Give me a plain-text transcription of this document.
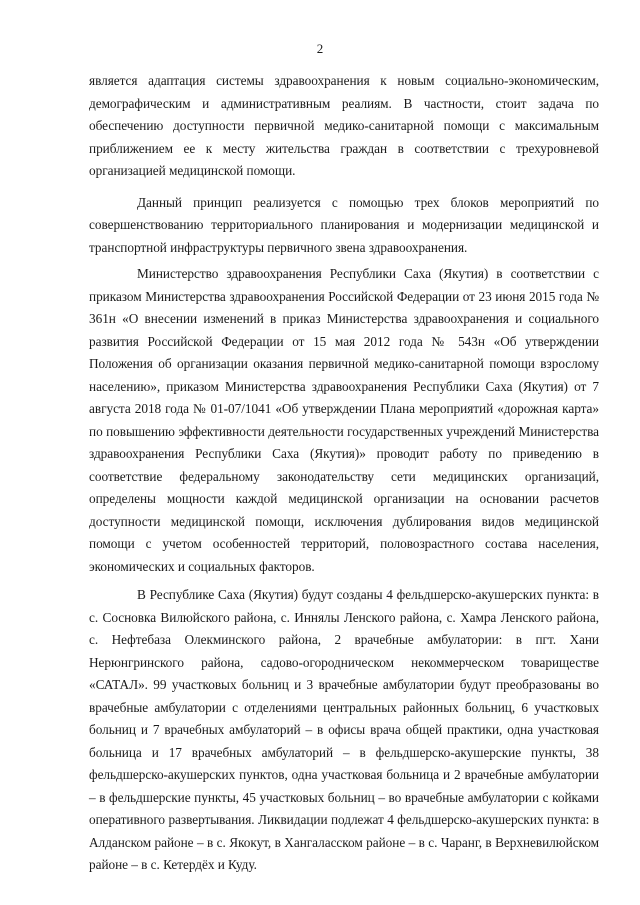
2

является адаптация системы здравоохранения к новым социально-экономическим, демографическим и административным реалиям. В частности, стоит задача по обеспечению доступности первичной медико-санитарной помощи с максимальным приближением ее к месту жительства граждан в соответствии с трехуровневой организацией медицинской помощи.

Данный принцип реализуется с помощью трех блоков мероприятий по совершенствованию территориального планирования и модернизации медицинской и транспортной инфраструктуры первичного звена здравоохранения.

Министерство здравоохранения Республики Саха (Якутия) в соответствии с приказом Министерства здравоохранения Российской Федерации от 23 июня 2015 года № 361н «О внесении изменений в приказ Министерства здравоохранения и социального развития Российской Федерации от 15 мая 2012 года № 543н «Об утверждении Положения об организации оказания первичной медико-санитарной помощи взрослому населению», приказом Министерства здравоохранения Республики Саха (Якутия) от 7 августа 2018 года № 01-07/1041 «Об утверждении Плана мероприятий «дорожная карта» по повышению эффективности деятельности государственных учреждений Министерства здравоохранения Республики Саха (Якутия)» проводит работу по приведению в соответствие федеральному законодательству сети медицинских организаций, определены мощности каждой медицинской организации на основании расчетов доступности медицинской помощи, исключения дублирования видов медицинской помощи с учетом особенностей территорий, половозрастного состава населения, экономических и социальных факторов.

В Республике Саха (Якутия) будут созданы 4 фельдшерско-акушерских пункта: в с. Сосновка Вилюйского района, с. Иннялы Ленского района, с. Хамра Ленского района, с. Нефтебаза Олекминского района, 2 врачебные амбулатории: в пгт. Хани Нерюнгринского района, садово-огородническом некоммерческом товариществе «САТАЛ». 99 участковых больниц и 3 врачебные амбулатории будут преобразованы во врачебные амбулатории с отделениями центральных районных больниц, 6 участковых больниц и 7 врачебных амбулаторий – в офисы врача общей практики, одна участковая больница и 17 врачебных амбулаторий – в фельдшерско-акушерские пункты, 38 фельдшерско-акушерских пунктов, одна участковая больница и 2 врачебные амбулатории – в фельдшерские пункты, 45 участковых больниц – во врачебные амбулатории с койками оперативного развертывания. Ликвидации подлежат 4 фельдшерско-акушерских пункта: в Алданском районе – в с. Якокут, в Хангаласском районе – в с. Чаранг, в Верхневилюйском районе – в с. Кетердёх и Куду.
